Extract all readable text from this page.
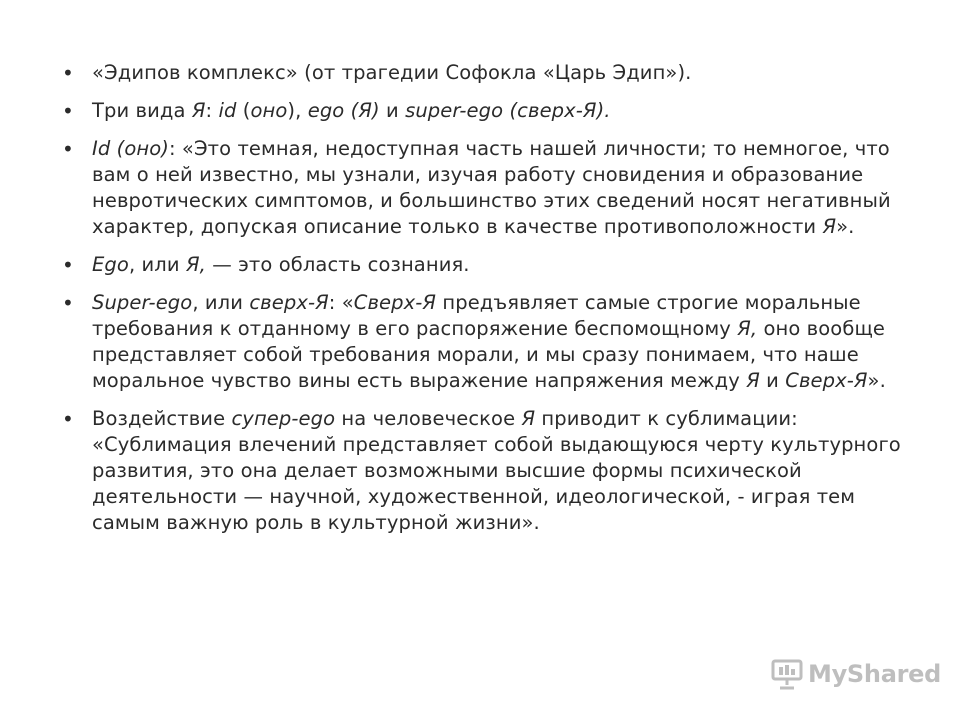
• «Эдипов комплекс» (от трагедии Софокла «Царь Эдип»).
• Три вида Я: id (оно), ego (Я) и super-ego (сверх-Я).
• Id (оно): «Это темная, недоступная часть нашей личности; то немногое, что вам о ней известно, мы узнали, изучая работу сновидения и образование невротических симптомов, и большинство этих сведений носят негативный характер, допуская описание только в качестве противоположности Я».
• Ego, или Я, — это область сознания.
• Super-ego, или сверх-Я: «Сверх-Я предъявляет самые строгие моральные требования к отданному в его распоряжение беспомощному Я, оно вообще представляет собой требования морали, и мы сразу понимаем, что наше моральное чувство вины есть выражение напряжения между Я и Сверх-Я».
• Воздействие супер-ego на человеческое Я приводит к сублимации: «Сублимация влечений представляет собой выдающуюся черту культурного развития, это она делает возможными высшие формы психической деятельности — научной, художественной, идеологической, - играя тем самым важную роль в культурной жизни».
MyShared
